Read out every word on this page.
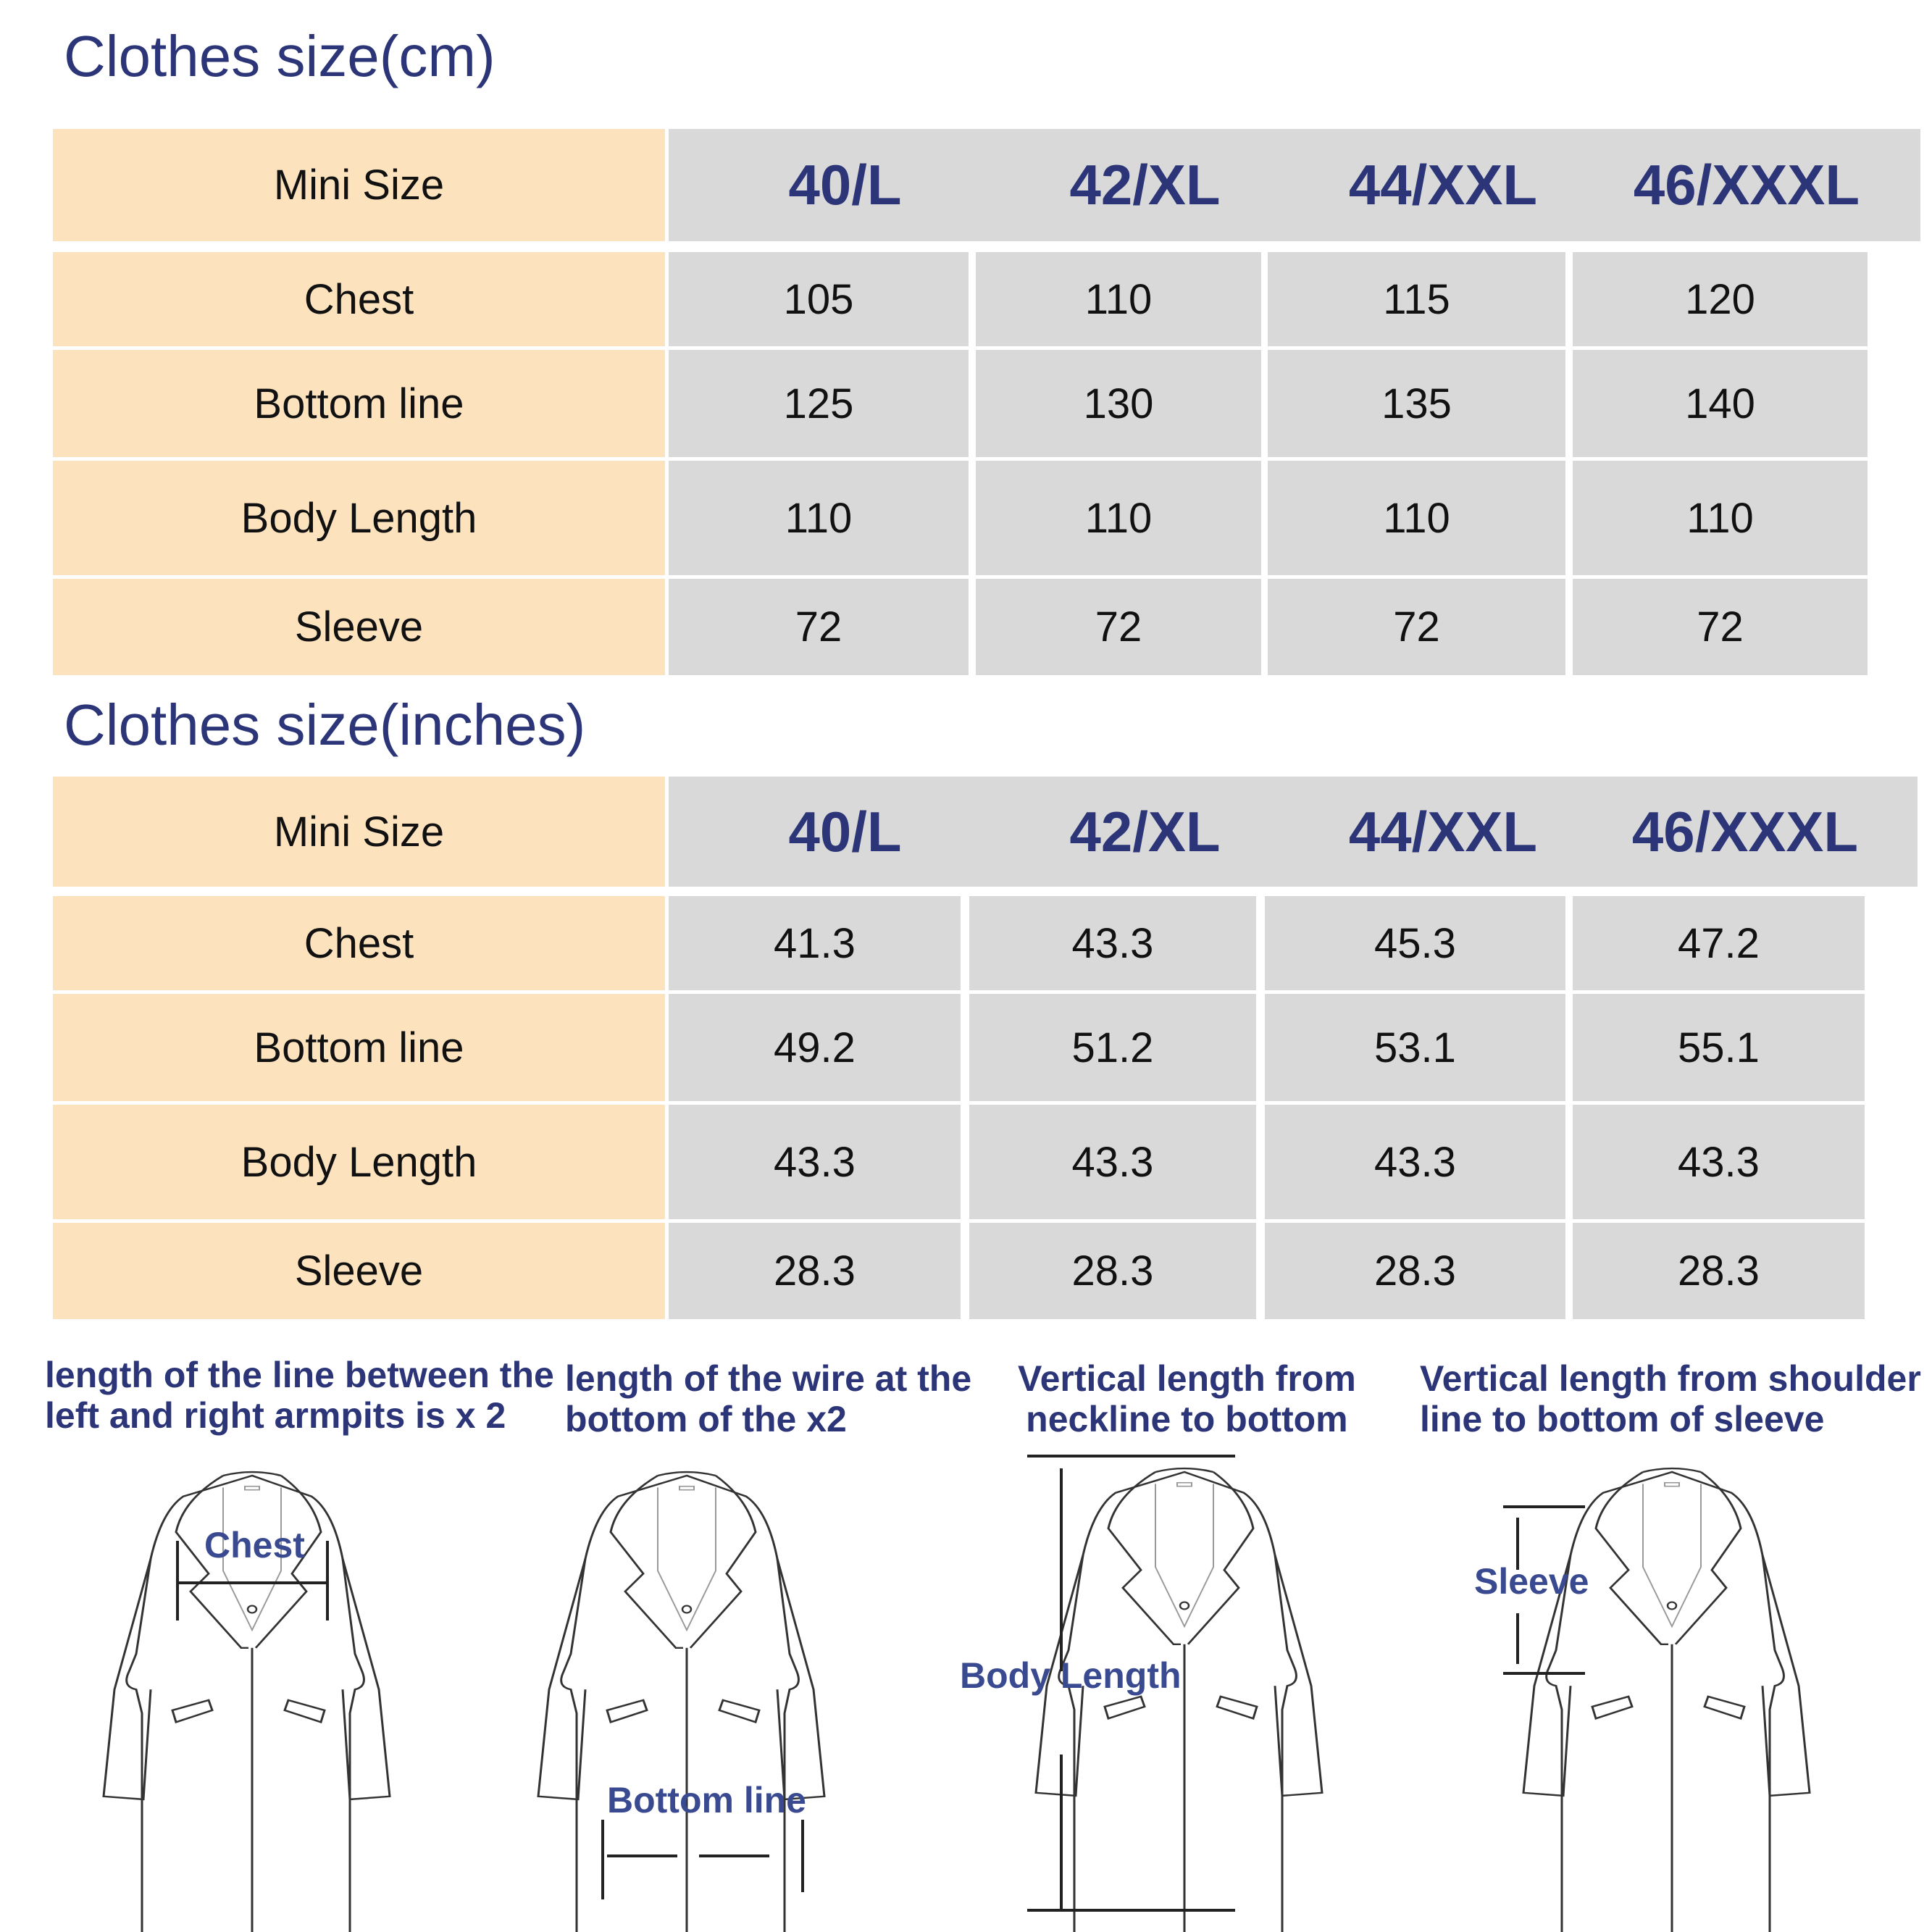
Clothes size(cm)
Mini Size	40/L	42/XL	44/XXL	46/XXXL
Chest	105	110	115	120
Bottom line	125	130	135	140
Body Length	110	110	110	110
Sleeve	72	72	72	72
Clothes size(inches)
Mini Size	40/L	42/XL	44/XXL	46/XXXL
Chest	41.3	43.3	45.3	47.2
Bottom line	49.2	51.2	53.1	55.1
Body Length	43.3	43.3	43.3	43.3
Sleeve	28.3	28.3	28.3	28.3
length of the line between the
left and right armpits is x 2
length of the wire at the
bottom of the x2
Vertical length from
neckline to bottom
Vertical length from shoulder
line to bottom of sleeve
Chest
Bottom line
Body Length
Sleeve
